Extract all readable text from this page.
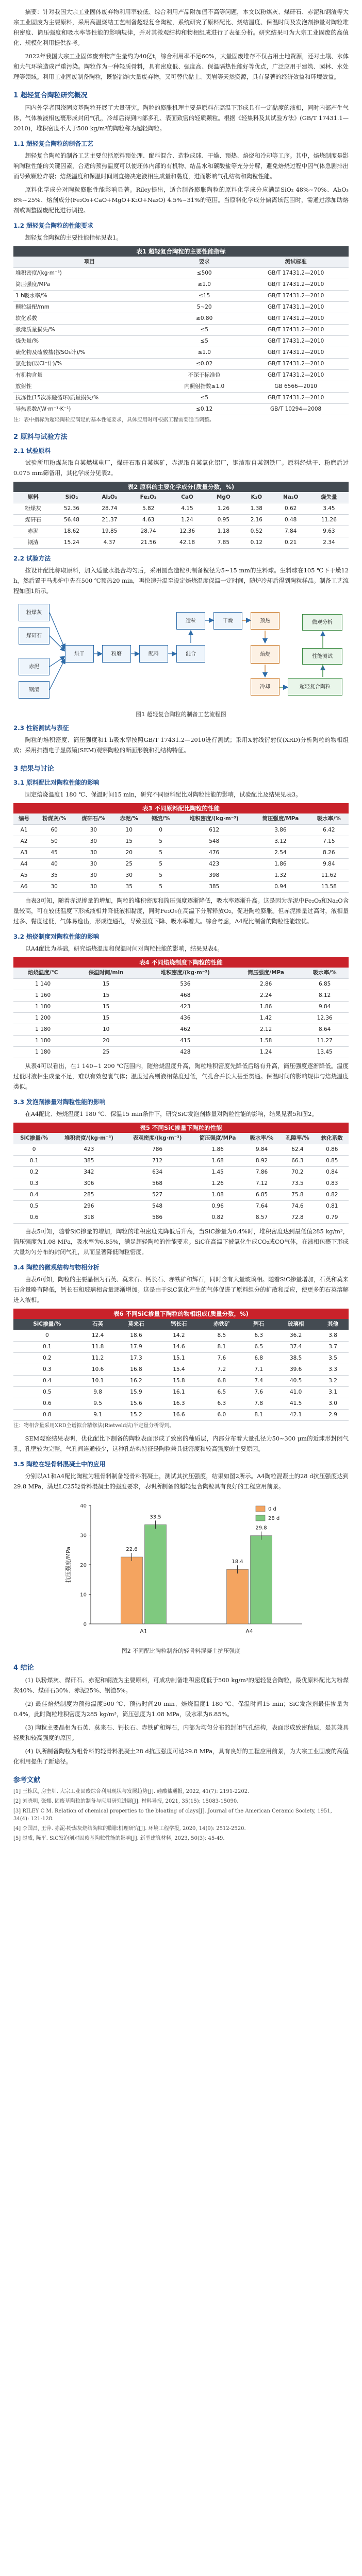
摘要：针对我国大宗工业固体废弃物利用率较低、综合利用产品附加值不高等问题，本文以粉煤灰、煤矸石、赤泥和钢渣等大宗工业固废为主要原料，采用高温烧结工艺制备超轻复合陶粒，系统研究了原料配比、烧结温度、保温时间及发泡剂掺量对陶粒堆积密度、筒压强度和吸水率等性能的影响规律，并对其微观结构和物相组成进行了表征分析。研究结果可为大宗工业固废的高值化、规模化利用提供参考。

2022年我国大宗工业固体废弃物产生量约为40亿t，综合利用率不足60%，大量固废堆存不仅占用土地资源，还对土壤、水体和大气环境造成严重污染。陶粒作为一种轻质骨料，具有密度低、强度高、保温隔热性能好等优点，广泛应用于建筑、园林、水处理等领域。利用工业固废制备陶粒，既能消纳大量废弃物，又可替代黏土、页岩等天然资源，具有显著的经济效益和环境效益。

1 超轻复合陶粒研究概况

国内外学者围绕固废基陶粒开展了大量研究。陶粒的膨胀机理主要是原料在高温下形成具有一定黏度的液相，同时内部产生气体，气体被液相包裹形成封闭气孔，冷却后得到内部多孔、表面致密的轻质颗粒。根据《轻集料及其试验方法》(GB/T 17431.1—2010)，堆积密度不大于500 kg/m³的陶粒称为超轻陶粒。

1.1 超轻复合陶粒的制备工艺

超轻复合陶粒的制备工艺主要包括原料预处理、配料混合、造粒成球、干燥、预热、焙烧和冷却等工序。其中，焙烧制度是影响陶粒性能的关键因素，合适的预热温度可以使坯体内部的有机物、结晶水和碳酸盐等充分分解，避免焙烧过程中因气体急剧排出而导致颗粒炸裂；焙烧温度和保温时间则直接决定液相生成量和黏度，进而影响气孔结构和陶粒性能。

原料化学成分对陶粒膨胀性能影响显著。Riley提出，适合制备膨胀陶粒的原料化学成分应满足SiO₂ 48%~70%、Al₂O₃ 8%~25%、熔剂成分(Fe₂O₃+CaO+MgO+K₂O+Na₂O) 4.5%~31%的范围。当原料化学成分偏离该范围时，需通过添加助熔剂或调整固废配比进行调控。

1.2 超轻复合陶粒的性能要求

超轻复合陶粒的主要性能指标见表1。

表1 超轻复合陶粒的主要性能指标
项目	要求	测试标准
堆积密度/(kg·m⁻³)	≤500	GB/T 17431.2—2010
筒压强度/MPa	≥1.0	GB/T 17431.2—2010
1 h吸水率/%	≤15	GB/T 17431.2—2010
颗粒级配/mm	5~20	GB/T 17431.1—2010
软化系数	≥0.80	GB/T 17431.2—2010
煮沸质量损失/%	≤5	GB/T 17431.2—2010
烧失量/%	≤5	GB/T 17431.2—2010
硫化物及硫酸盐(按SO₃计)/%	≤1.0	GB/T 17431.2—2010
氯化物(以Cl⁻计)/%	≤0.02	GB/T 17431.2—2010
有机物含量	不深于标准色	GB/T 17431.2—2010
放射性	内照射指数≤1.0	GB 6566—2010
抗冻性(15次冻融循环)质量损失/%	≤5	GB/T 17431.2—2010
导热系数/(W·m⁻¹·K⁻¹)	≤0.12	GB/T 10294—2008

注：表中指标为超轻陶粒应满足的基本性能要求，具体应用时可根据工程需要适当调整。

2 原料与试验方法
2.1 试验原料

试验所用粉煤灰取自某燃煤电厂，煤矸石取自某煤矿，赤泥取自某氧化铝厂，钢渣取自某钢铁厂。原料经烘干、粉磨后过0.075 mm筛备用，其化学成分见表2。

表2 原料的主要化学成分(质量分数，%)
原料	SiO₂	Al₂O₃	Fe₂O₃	CaO	MgO	K₂O	Na₂O	烧失量
粉煤灰	52.36	28.74	5.82	4.15	1.26	1.38	0.62	3.45
煤矸石	56.48	21.37	4.63	1.24	0.95	2.16	0.48	11.26
赤泥	18.62	19.85	28.74	12.36	1.18	0.52	7.84	9.63
钢渣	15.24	4.37	21.56	42.18	7.85	0.12	0.21	2.34
2.2 试验方法

按设计配比称取原料，加入适量水混合均匀后，采用圆盘造粒机制备粒径为5~15 mm的生料球。生料球在105 ℃下干燥12 h，然后置于马弗炉中先在500 ℃预热20 min，再快速升温至设定焙烧温度保温一定时间，随炉冷却后得到陶粒样品。制备工艺流程如图1所示。

粉煤灰
煤矸石
赤泥
钢渣
烘干	粉磨	配料	混合
造粒	干燥	预热
焙烧
冷却	超轻复合陶粒
性能测试
微观分析
图1 超轻复合陶粒的制备工艺流程图
2.3 性能测试与表征

陶粒的堆积密度、筒压强度和1 h吸水率按照GB/T 17431.2—2010进行测试；采用X射线衍射仪(XRD)分析陶粒的物相组成；采用扫描电子显微镜(SEM)观察陶粒的断面形貌和孔结构特征。

3 结果与讨论
3.1 原料配比对陶粒性能的影响

固定焙烧温度1 180 ℃、保温时间15 min，研究不同原料配比对陶粒性能的影响，试验配比及结果见表3。

表3 不同原料配比陶粒的性能
编号	粉煤灰/%	煤矸石/%	赤泥/%	钢渣/%	堆积密度/(kg·m⁻³)	筒压强度/MPa	吸水率/%
A1	60	30	10	0	612	3.86	6.42
A2	50	30	15	5	548	3.12	7.15
A3	45	30	20	5	476	2.54	8.26
A4	40	30	25	5	423	1.86	9.84
A5	35	30	30	5	398	1.32	11.62
A6	30	30	35	5	385	0.94	13.58

由表3可知，随着赤泥掺量的增加，陶粒的堆积密度和筒压强度逐渐降低，吸水率逐渐升高。这是因为赤泥中Fe₂O₃和Na₂O含量较高，可在较低温度下形成液相并降低液相黏度，同时Fe₂O₃在高温下分解释放O₂，促进陶粒膨胀。但赤泥掺量过高时，液相量过多、黏度过低，气体易逸出，形成连通孔，导致强度下降、吸水率增大。综合考虑，A4配比制备的陶粒性能较优。

3.2 焙烧制度对陶粒性能的影响

以A4配比为基础，研究焙烧温度和保温时间对陶粒性能的影响，结果见表4。

表4 不同焙烧制度下陶粒的性能
焙烧温度/℃	保温时间/min	堆积密度/(kg·m⁻³)	筒压强度/MPa	吸水率/%
1 140	15	536	2.86	6.85
1 160	15	468	2.24	8.12
1 180	15	423	1.86	9.84
1 200	15	436	1.42	12.36
1 180	10	462	2.12	8.64
1 180	20	415	1.58	11.27
1 180	25	428	1.24	13.45

从表4可以看出，在1 140~1 200 ℃范围内，随焙烧温度升高，陶粒堆积密度先降低后略有升高，筒压强度逐渐降低。温度过低时液相生成量不足，难以有效包裹气体；温度过高则液相黏度过低，气孔合并长大甚至贯通。保温时间的影响规律与焙烧温度类似。

3.3 发泡剂掺量对陶粒性能的影响

在A4配比、焙烧温度1 180 ℃、保温15 min条件下，研究SiC发泡剂掺量对陶粒性能的影响，结果见表5和图2。

表5 不同SiC掺量下陶粒的性能
SiC掺量/%	堆积密度/(kg·m⁻³)	表观密度/(kg·m⁻³)	筒压强度/MPa	吸水率/%	孔隙率/%	软化系数
0	423	786	1.86	9.84	62.4	0.86
0.1	385	712	1.68	8.92	66.3	0.85
0.2	342	634	1.45	7.86	70.2	0.84
0.3	306	568	1.26	7.12	73.5	0.83
0.4	285	527	1.08	6.85	75.8	0.82
0.5	296	548	0.96	7.64	74.6	0.81
0.6	318	586	0.82	8.57	72.8	0.79

由表5可知，随着SiC掺量的增加，陶粒的堆积密度先降低后升高，当SiC掺量为0.4%时，堆积密度达到最低值285 kg/m³，筒压强度为1.08 MPa，吸水率为6.85%，满足超轻陶粒的性能要求。SiC在高温下被氧化生成CO₂或CO气体，在液相包裹下形成大量均匀分布的封闭气孔，从而显著降低陶粒密度。

3.4 陶粒的微观结构与物相分析

由表6可知，陶粒的主要晶相为石英、莫来石、钙长石、赤铁矿和辉石，同时含有大量玻璃相。随着SiC掺量增加，石英和莫来石含量略有降低，钙长石和玻璃相含量逐渐增加。这是由于SiC氧化产生的气体促进了原料组分的扩散和反应，使更多的石英溶解进入液相。

表6 不同SiC掺量下陶粒的物相组成(质量分数，%)
SiC掺量/%	石英	莫来石	钙长石	赤铁矿	辉石	玻璃相	其他
0	12.4	18.6	14.2	8.5	6.3	36.2	3.8
0.1	11.8	17.9	14.6	8.1	6.5	37.4	3.7
0.2	11.2	17.3	15.1	7.6	6.8	38.5	3.5
0.3	10.6	16.8	15.4	7.2	7.1	39.6	3.3
0.4	10.1	16.2	15.8	6.8	7.4	40.5	3.2
0.5	9.8	15.9	16.1	6.5	7.6	41.0	3.1
0.6	9.5	15.6	16.3	6.3	7.8	41.5	3.0
0.8	9.1	15.2	16.6	6.0	8.1	42.1	2.9

注：物相含量采用XRD全谱拟合精修法(Rietveld法)半定量分析得到。

SEM观察结果表明，优化配比下制备的陶粒表面形成了致密的釉质层，内部分布着大量孔径为50~300 μm的近球形封闭气孔，孔壁较为完整，气孔间连通较少，这种孔结构特征是陶粒兼具低密度和较高强度的主要原因。

3.5 陶粒在轻骨料混凝土中的应用

分别以A1和A4配比陶粒为粗骨料制备轻骨料混凝土，测试其抗压强度，结果如图2所示。A4陶粒混凝土的28 d抗压强度达到29.8 MPa，满足LC25轻骨料混凝土的强度要求，表明所制备的超轻复合陶粒具有良好的工程应用前景。

抗压强度/MPa
0
10
20
30
40
22.6
33.5
A1
18.4
29.8
A4
0 d
28 d
图2 不同配比陶粒制备的轻骨料混凝土抗压强度
4 结论

(1) 以粉煤灰、煤矸石、赤泥和钢渣为主要原料，可成功制备堆积密度低于500 kg/m³的超轻复合陶粒，最优原料配比为粉煤灰40%、煤矸石30%、赤泥25%、钢渣5%。

(2) 最佳焙烧制度为预热温度500 ℃、预热时间20 min、焙烧温度1 180 ℃、保温时间15 min；SiC发泡剂最佳掺量为0.4%，此时陶粒堆积密度为285 kg/m³，筒压强度为1.08 MPa，吸水率为6.85%。

(3) 陶粒主要晶相为石英、莫来石、钙长石、赤铁矿和辉石，内部为均匀分布的封闭气孔结构，表面形成致密釉层，是其兼具轻质和较高强度的原因。

(4) 以所制备陶粒为粗骨料的轻骨料混凝土28 d抗压强度可达29.8 MPa，具有良好的工程应用前景，为大宗工业固废的高值化利用提供了新途径。

参考文献

[1] 王栋民, 房奎圳. 大宗工业固废综合利用现状与发展趋势[J]. 硅酸盐通报, 2022, 41(7): 2191-2202.

[2] 刘晓明, 张娜. 固废基陶粒的制备与应用研究进展[J]. 材料导报, 2021, 35(15): 15083-15090.

[3] RILEY C M. Relation of chemical properties to the bloating of clays[J]. Journal of the American Ceramic Society, 1951, 34(4): 121-128.

[4] 李国昌, 王萍. 赤泥-粉煤灰烧结陶粒的膨胀机理研究[J]. 环境工程学报, 2020, 14(9): 2512-2520.

[5] 赵威, 陈平. SiC发泡剂对固废基陶粒性能的影响[J]. 新型建筑材料, 2023, 50(3): 45-49.
